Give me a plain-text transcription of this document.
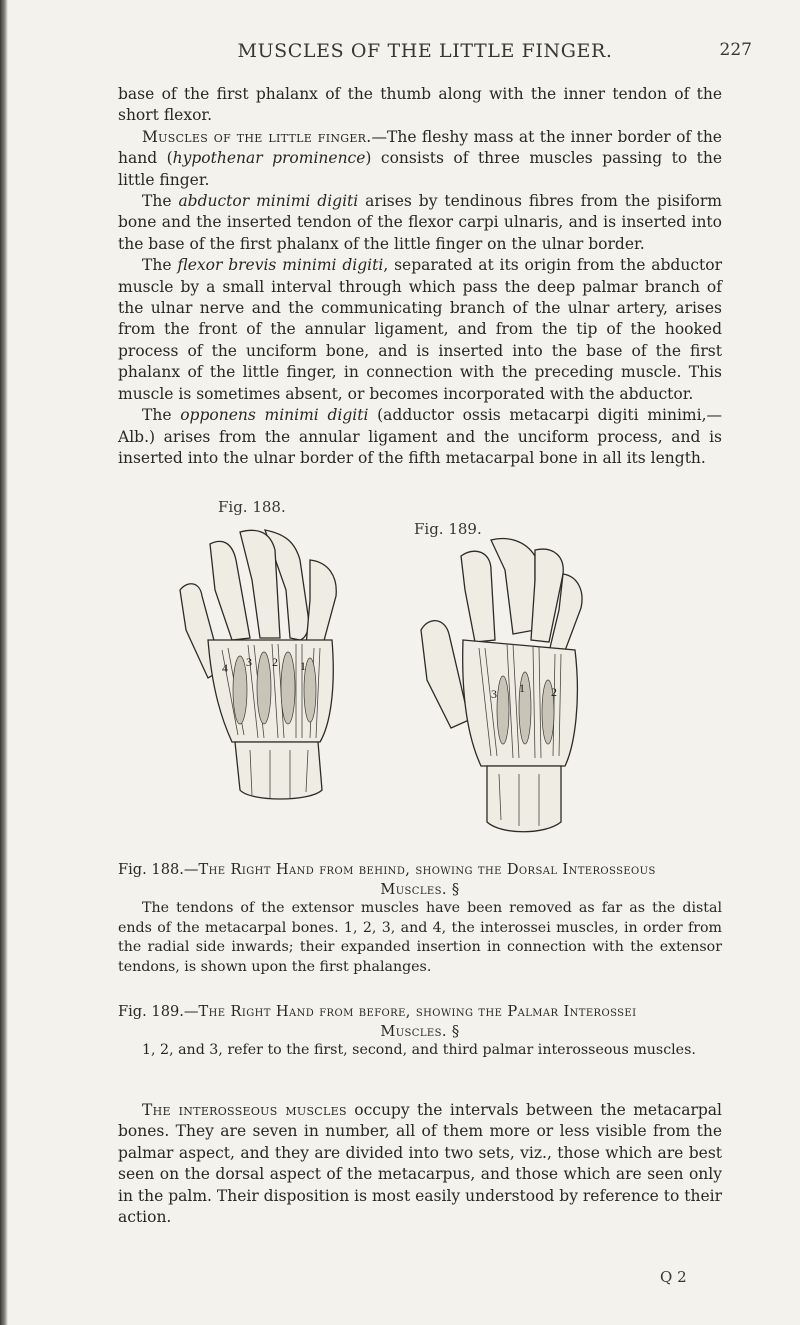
MUSCLES OF THE LITTLE FINGER.	227

base of the first phalanx of the thumb along with the inner tendon of the short flexor.

Muscles of the little finger.—The fleshy mass at the inner border of the hand (hypothenar prominence) consists of three muscles passing to the little finger.

The abductor minimi digiti arises by tendinous fibres from the pisiform bone and the inserted tendon of the flexor carpi ulnaris, and is inserted into the base of the first phalanx of the little finger on the ulnar border.

The flexor brevis minimi digiti, separated at its origin from the abductor muscle by a small interval through which pass the deep palmar branch of the ulnar nerve and the communicating branch of the ulnar artery, arises from the front of the annular ligament, and from the tip of the hooked process of the unciform bone, and is inserted into the base of the first phalanx of the little finger, in connection with the preceding muscle. This muscle is sometimes absent, or becomes incorporated with the abductor.

The opponens minimi digiti (adductor ossis metacarpi digiti minimi,—Alb.) arises from the annular ligament and the unciform process, and is inserted into the ulnar border of the fifth metacarpal bone in all its length.

Fig. 188.
Fig. 189.
4 3 2 1
3 1 2
Fig. 188.—The Right Hand from behind, showing the Dorsal Interosseous
Muscles. §
The tendons of the extensor muscles have been removed as far as the distal ends of the metacarpal bones. 1, 2, 3, and 4, the interossei muscles, in order from the radial side inwards; their expanded insertion in connection with the extensor tendons, is shown upon the first phalanges.
Fig. 189.—The Right Hand from before, showing the Palmar Interossei
Muscles. §
1, 2, and 3, refer to the first, second, and third palmar interosseous muscles.

The interosseous muscles occupy the intervals between the metacarpal bones. They are seven in number, all of them more or less visible from the palmar aspect, and they are divided into two sets, viz., those which are best seen on the dorsal aspect of the metacarpus, and those which are seen only in the palm. Their disposition is most easily understood by reference to their action.

Q 2
